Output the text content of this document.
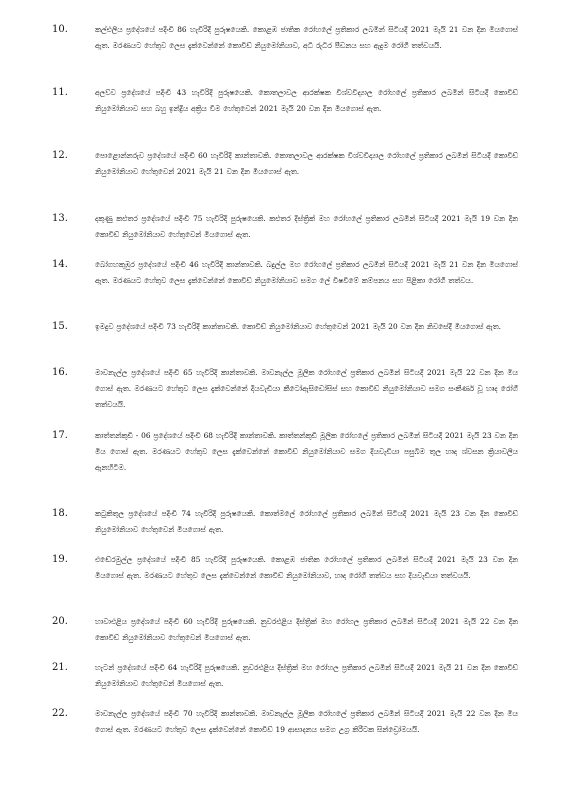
10.	කල්එලිය ප්‍රදේශයේ පදිංචි 86 හැවිරිදි පුරුෂයෙකි. කොළඹ ජාතික රෝහලේ ප්‍රතිකාර ලබමින් සිටියදී 2021 මැයි 21 වන දින මියගොස් ඇත. මරණයට හේතුව ලෙස දැක්වෙන්නේ කොවිඩ් නියුමෝනියාව, අධි රුධිර පීඩනය සහ ඇදුම රෝගී තත්වයයි.
11.	අලව්ව ප්‍රදේශයේ පදිංචි 43 හැවිරිදි පුරුෂයෙකි. කොතලාවල ආරක්ෂක විශ්වවිද්‍යාල රෝහලේ ප්‍රතිකාර ලබමින් සිටියදී කොවිඩ් නියුමෝනියාව සහ බහු ඉන්ද්‍රිය අක්‍රිය වීම හේතුවෙන් 2021 මැයි 20 වන දින මියගොස් ඇත.
12.	පොළොන්නරුව ප්‍රදේශයේ පදිංචි 60 හැවිරිදි කාන්තාවකි. කොතලාවල ආරක්ෂක විශ්වවිද්‍යාල රෝහලේ ප්‍රතිකාර ලබමින් සිටියදී කොවිඩ් නියුමෝනියාව හේතුවෙන් 2021 මැයි 21 වන දින මියගොස් ඇත.
13.	දකුණු කළුතර ප්‍රදේශයේ පදිංචි 75 හැවිරිදි පුරුෂයෙකි. කළුතර දිස්ත්‍රික් මහ රෝහලේ ප්‍රතිකාර ලබමින් සිටියදී 2021 මැයි 19 වන දින කොවිඩ් නියුමෝනියාව හේතුවෙන් මියගොස් ඇත.
14.	බෝගහකුඹුර ප්‍රදේශයේ පදිංචි 46 හැවිරිදි කාන්තාවකි. බදුල්ල මහ රෝහලේ ප්‍රතිකාර ලබමින් සිටියදී 2021 මැයි 21 වන දින මියගොස් ඇත. මරණයට හේතුව ලෙස දැක්වෙන්නේ කොවිඩ් නියුමෝනියාව සමග ලේ විෂවීමේ කම්පනය සහ පිළිකා රෝගී තත්වය.
15.	ඉමදුව ප්‍රදේශයේ පදිංචි 73 හැවිරිදි කාන්තාවකි. කොවිඩ් නියුමෝනියාව හේතුවෙන් 2021 මැයි 20 වන දින නිවසේදී මියගොස් ඇත.
16.	මාවනැල්ල ප්‍රදේශයේ පදිංචි 65 හැවිරිදි කාන්තාවකි. මාවනැල්ල මූලික රෝහලේ ප්‍රතිකාර ලබමින් සිටියදී 2021 මැයි 22 වන දින මිය ගොස් ඇත. මරණයට හේතුව ලෙස දැක්වෙන්නේ දියවැඩියා කීටෝඇසිඩෝසිස් සහ කොවිඩ් නියුමෝනියාව සමග සංකීර්ණ වූ හෘද රෝගී තත්වයයි.
17.	කාත්තන්කුඩි - 06 ප්‍රදේශයේ පදිංචි 68 හැවිරිදි කාන්තාවකි. කාත්තන්කුඩි මූලික රෝහලේ ප්‍රතිකාර ලබමින් සිටියදී 2021 මැයි 23 වන දින මිය ගොස් ඇත. මරණයට හේතුව ලෙස දැක්වෙන්නේ කොවිඩ් නියුමෝනියාව සමග දියවැඩියා පසුබිම තුල හෘද ශ්වසන ක්‍රියාවලිය ඇනහිටීම.
18.	කටුකිතුල ප්‍රදේශයේ පදිංචි 74 හැවිරිදි පුරුෂයෙකි. කොත්මලේ රෝහලේ ප්‍රතිකාර ලබමින් සිටියදී 2021 මැයි 23 වන දින කොවිඩ් නියුමෝනියාව හේතුවෙන් මියගොස් ඇත.
19.	එඬේරමුල්ල ප්‍රදේශයේ පදිංචි 85 හැවිරිදි පුරුෂයෙකි. කොළඹ ජාතික රෝහලේ ප්‍රතිකාර ලබමින් සිටියදී 2021 මැයි 23 වන දින මියගොස් ඇත. මරණයට හේතුව ලෙස දැක්වෙන්නේ කොවිඩ් නියුමෝනියාව, හෘද රෝගී තත්වය සහ දියවැඩියා තත්වයයි.
20.	හාවාඑළිය ප්‍රදේශයේ පදිංචි 60 හැවිරිදි පුරුෂයෙකි. නුවරඑළිය දිස්ත්‍රික් මහ රෝහල ප්‍රතිකාර ලබමින් සිටියදී 2021 මැයි 22 වන දින කොවිඩ් නියුමෝනියාව හේතුවෙන් මියගොස් ඇත.
21.	හැටන් ප්‍රදේශයේ පදිංචි 64 හැවිරිදි පුරුෂයෙකි. නුවරඑළිය දිස්ත්‍රික් මහ රෝහල ප්‍රතිකාර ලබමින් සිටියදී 2021 මැයි 21 වන දින කොවිඩ් නියුමෝනියාව හේතුවෙන් මියගොස් ඇත.
22.	මාවනැල්ල ප්‍රදේශයේ පදිංචි 70 හැවිරිදි කාන්තාවකි. මාවනැල්ල මූලික රෝහලේ ප්‍රතිකාර ලබමින් සිටියදී 2021 මැයි 22 වන දින මිය ගොස් ඇත. මරණයට හේතුව ලෙස දැක්වෙන්නේ කොවිඩ් 19 ආසාදනය සමග උග්‍ර කිරීටක සින්ඩ්‍රෝමයයි.
